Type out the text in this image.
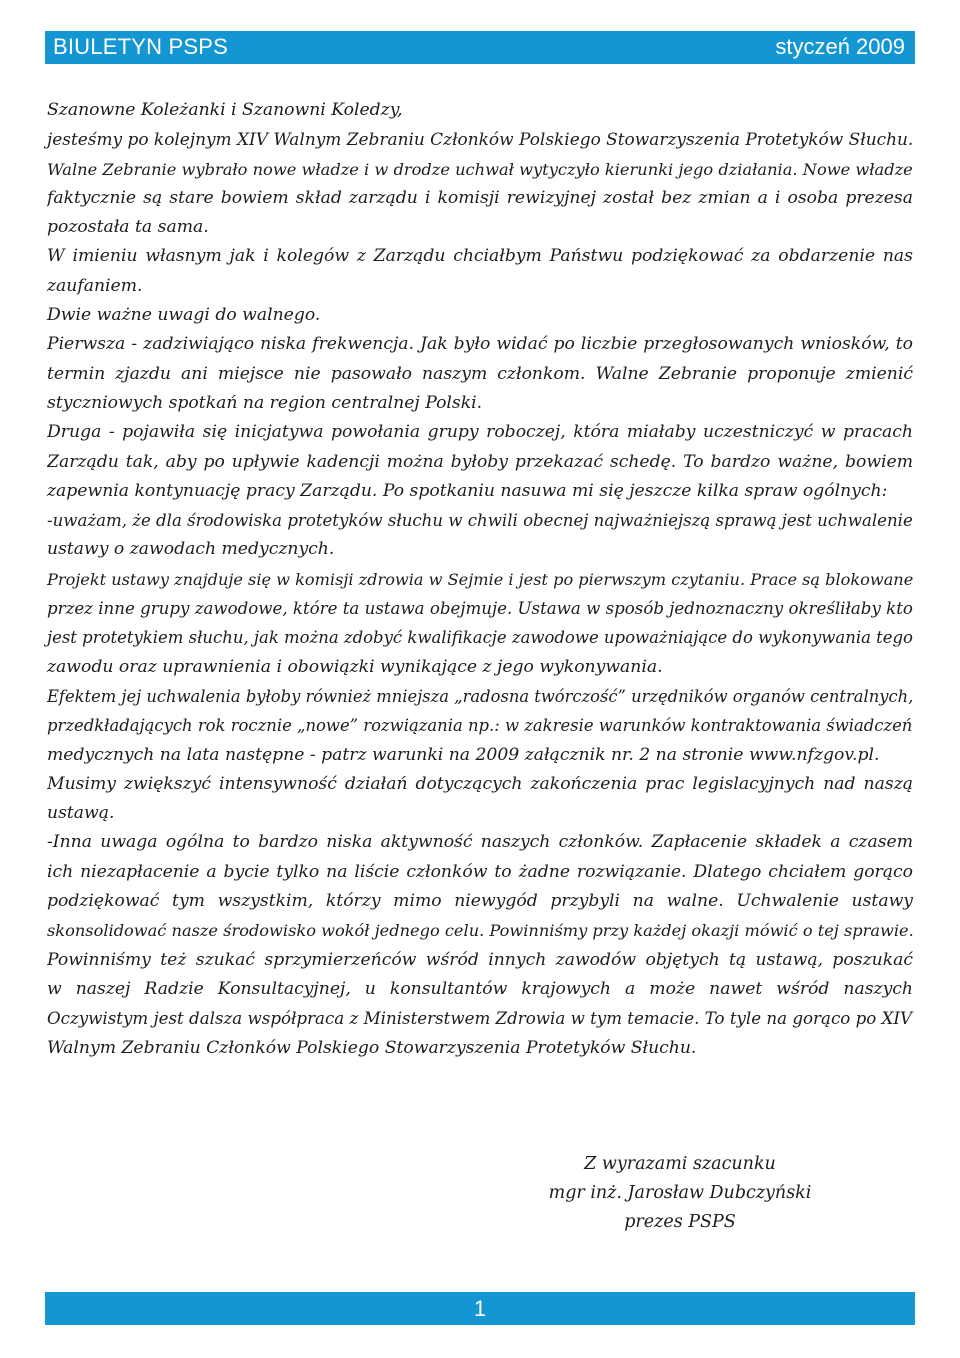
BIULETYN PSPS	styczeń 2009
Szanowne Koleżanki i Szanowni Koledzy,
jesteśmy po kolejnym XIV Walnym Zebraniu Członków Polskiego Stowarzyszenia Protetyków Słuchu.
Walne Zebranie wybrało nowe władze i w drodze uchwał wytyczyło kierunki jego działania. Nowe władze
faktycznie są stare bowiem skład zarządu i komisji rewizyjnej został bez zmian a i osoba prezesa
pozostała ta sama.
W imieniu własnym jak i kolegów z Zarządu chciałbym Państwu podziękować za obdarzenie nas
zaufaniem.
Dwie ważne uwagi do walnego.
Pierwsza - zadziwiająco niska frekwencja. Jak było widać po liczbie przegłosowanych wniosków, to
termin zjazdu ani miejsce nie pasowało naszym członkom. Walne Zebranie proponuje zmienić
styczniowych spotkań na region centralnej Polski.
Druga - pojawiła się inicjatywa powołania grupy roboczej, która miałaby uczestniczyć w pracach
Zarządu tak, aby po upływie kadencji można byłoby przekazać schedę. To bardzo ważne, bowiem
zapewnia kontynuację pracy Zarządu. Po spotkaniu nasuwa mi się jeszcze kilka spraw ogólnych:
-uważam, że dla środowiska protetyków słuchu w chwili obecnej najważniejszą sprawą jest uchwalenie
ustawy o zawodach medycznych.
Projekt ustawy znajduje się w komisji zdrowia w Sejmie i jest po pierwszym czytaniu. Prace są blokowane
przez inne grupy zawodowe, które ta ustawa obejmuje. Ustawa w sposób jednoznaczny określiłaby kto
jest protetykiem słuchu, jak można zdobyć kwalifikacje zawodowe upoważniające do wykonywania tego
zawodu oraz uprawnienia i obowiązki wynikające z jego wykonywania.
Efektem jej uchwalenia byłoby również mniejsza „radosna twórczość” urzędników organów centralnych,
przedkładających rok rocznie „nowe” rozwiązania np.: w zakresie warunków kontraktowania świadczeń
medycznych na lata następne - patrz warunki na 2009 załącznik nr. 2 na stronie www.nfzgov.pl.
Musimy zwiększyć intensywność działań dotyczących zakończenia prac legislacyjnych nad naszą
ustawą.
-Inna uwaga ogólna to bardzo niska aktywność naszych członków. Zapłacenie składek a czasem
ich niezapłacenie a bycie tylko na liście członków to żadne rozwiązanie. Dlatego chciałem gorąco
podziękować tym wszystkim, którzy mimo niewygód przybyli na walne. Uchwalenie ustawy
skonsolidować nasze środowisko wokół jednego celu. Powinniśmy przy każdej okazji mówić o tej sprawie.
Powinniśmy też szukać sprzymierzeńców wśród innych zawodów objętych tą ustawą, poszukać
w naszej Radzie Konsultacyjnej, u konsultantów krajowych a może nawet wśród naszych
Oczywistym jest dalsza współpraca z Ministerstwem Zdrowia w tym temacie. To tyle na gorąco po XIV
Walnym Zebraniu Członków Polskiego Stowarzyszenia Protetyków Słuchu.
Z wyrazami szacunku
mgr inż. Jarosław Dubczyński
prezes PSPS
1
